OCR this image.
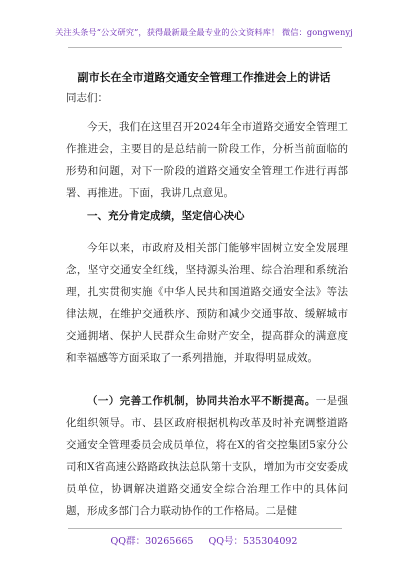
关注头条号“公文研究”，获得最新最全最专业的公文资料库！ 微信：gongwenyj
副市长在全市道路交通安全管理工作推进会上的讲话
同志们：
今天，我们在这里召开2024年全市道路交通安全管理工作推进会，主要目的是总结前一阶段工作，分析当前面临的形势和问题，对下一阶段的道路交通安全管理工作进行再部署、再推进。下面，我讲几点意见。
一、充分肯定成绩，坚定信心决心
今年以来，市政府及相关部门能够牢固树立安全发展理念，坚守交通安全红线，坚持源头治理、综合治理和系统治理，扎实贯彻实施《中华人民共和国道路交通安全法》等法律法规，在维护交通秩序、预防和减少交通事故、缓解城市交通拥堵、保护人民群众生命财产安全，提高群众的满意度和幸福感等方面采取了一系列措施，并取得明显成效。
（一）完善工作机制，协同共治水平不断提高。一是强化组织领导。市、县区政府根据机构改革及时补充调整道路交通安全管理委员会成员单位，将在X的省交控集团5家分公司和X省高速公路路政执法总队第十支队，增加为市交安委成员单位，协调解决道路交通安全综合治理工作中的具体问题，形成多部门合力联动协作的工作格局。二是健
QQ群：30265665 QQ号：535304092
